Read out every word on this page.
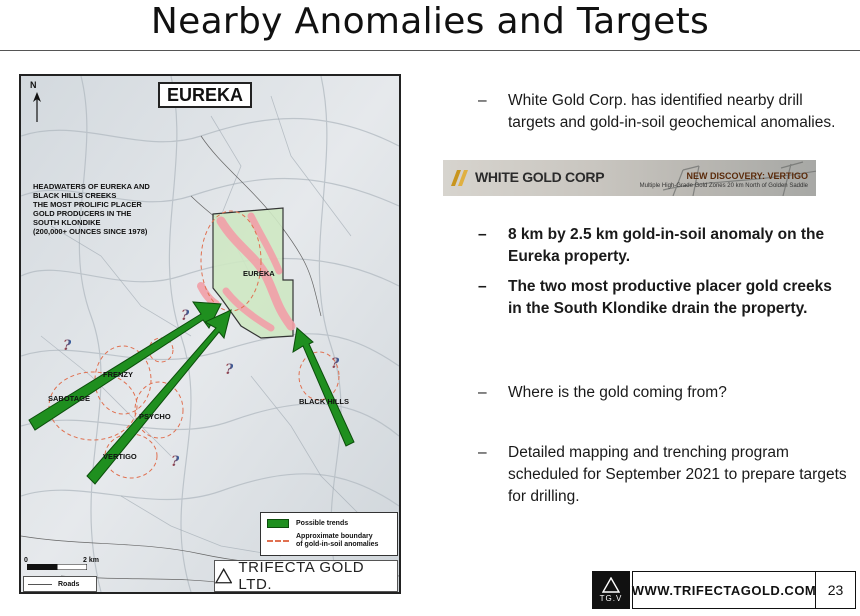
Nearby Anomalies and Targets
N	EUREKA
HEADWATERS OF EUREKA AND
BLACK HILLS CREEKS
THE MOST PROLIFIC PLACER
GOLD PRODUCERS IN THE
SOUTH KLONDIKE
(200,000+ OUNCES SINCE 1978)
EUREKA
FRENZY
SABOTAGE
PSYCHO
VERTIGO
BLACK HILLS
?
?
?	?
?
Possible trends
Approximate boundary
of gold-in-soil anomalies
0	2 km
Roads
TRIFECTA GOLD LTD.
–	White Gold Corp. has identified nearby drill targets and gold-in-soil geochemical anomalies.
WHITE GOLD CORP	NEW DISCOVERY: VERTIGO
Multiple High-Grade Gold Zones 20 km North of Golden Saddle
–	8 km by 2.5 km gold-in-soil anomaly on the Eureka property.
–	The two most productive placer gold creeks in the South Klondike drain the property.
–	Where is the gold coming from?
–	Detailed mapping and trenching program scheduled for September 2021 to prepare targets for drilling.
TG.V
WWW.TRIFECTAGOLD.COM 23
